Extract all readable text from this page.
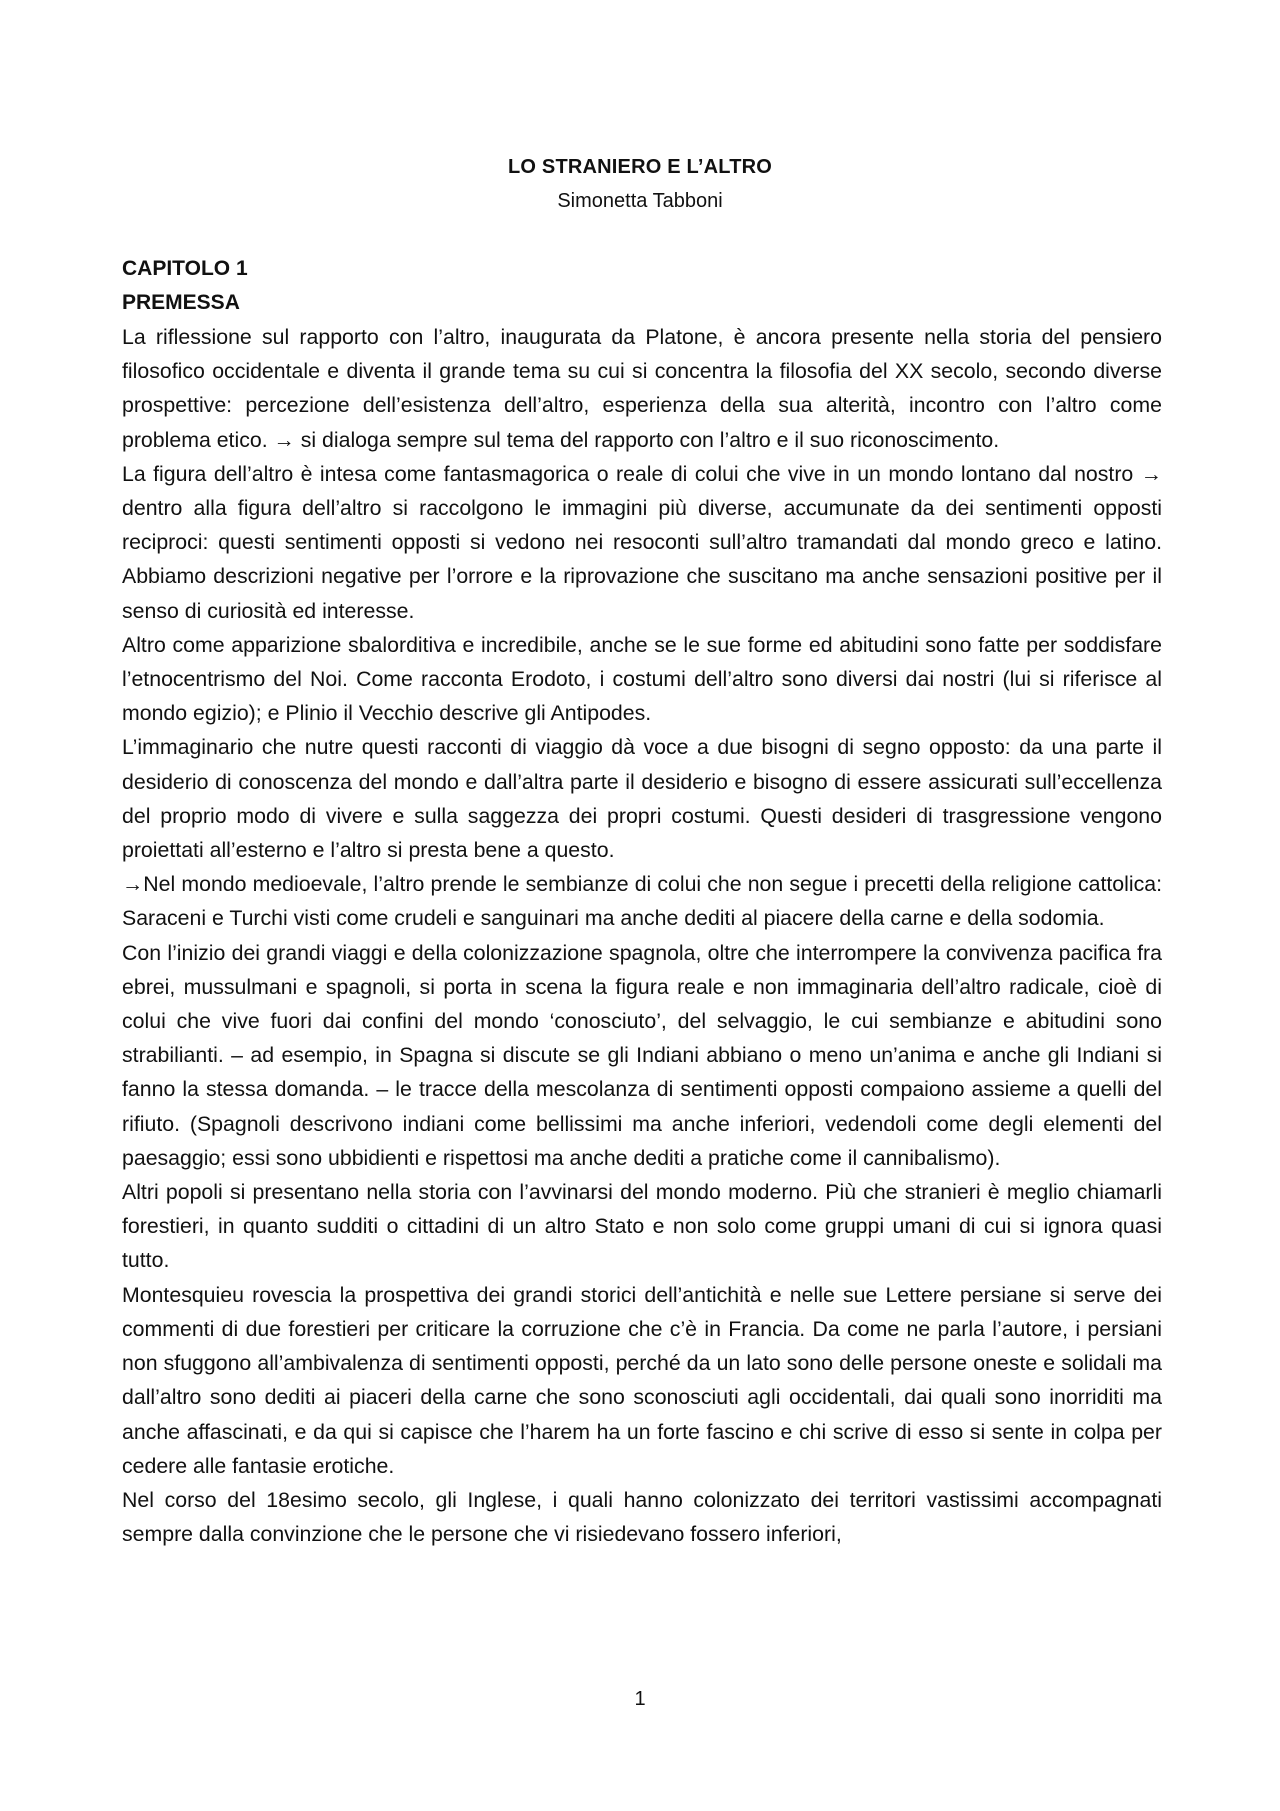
LO STRANIERO E L’ALTRO
Simonetta Tabboni
CAPITOLO 1
PREMESSA

La riflessione sul rapporto con l’altro, inaugurata da Platone, è ancora presente nella storia del pensiero filosofico occidentale e diventa il grande tema su cui si concentra la filosofia del XX secolo, secondo diverse prospettive: percezione dell’esistenza dell’altro, esperienza della sua alterità, incontro con l’altro come problema etico. → si dialoga sempre sul tema del rapporto con l’altro e il suo riconoscimento.

La figura dell’altro è intesa come fantasmagorica o reale di colui che vive in un mondo lontano dal nostro → dentro alla figura dell’altro si raccolgono le immagini più diverse, accumunate da dei sentimenti opposti reciproci: questi sentimenti opposti si vedono nei resoconti sull’altro tramandati dal mondo greco e latino. Abbiamo descrizioni negative per l’orrore e la riprovazione che suscitano ma anche sensazioni positive per il senso di curiosità ed interesse.

Altro come apparizione sbalorditiva e incredibile, anche se le sue forme ed abitudini sono fatte per soddisfare l’etnocentrismo del Noi. Come racconta Erodoto, i costumi dell’altro sono diversi dai nostri (lui si riferisce al mondo egizio); e Plinio il Vecchio descrive gli Antipodes.

L’immaginario che nutre questi racconti di viaggio dà voce a due bisogni di segno opposto: da una parte il desiderio di conoscenza del mondo e dall’altra parte il desiderio e bisogno di essere assicurati sull’eccellenza del proprio modo di vivere e sulla saggezza dei propri costumi. Questi desideri di trasgressione vengono proiettati all’esterno e l’altro si presta bene a questo.

→Nel mondo medioevale, l’altro prende le sembianze di colui che non segue i precetti della religione cattolica: Saraceni e Turchi visti come crudeli e sanguinari ma anche dediti al piacere della carne e della sodomia.

Con l’inizio dei grandi viaggi e della colonizzazione spagnola, oltre che interrompere la convivenza pacifica fra ebrei, mussulmani e spagnoli, si porta in scena la figura reale e non immaginaria dell’altro radicale, cioè di colui che vive fuori dai confini del mondo ‘conosciuto’, del selvaggio, le cui sembianze e abitudini sono strabilianti. – ad esempio, in Spagna si discute se gli Indiani abbiano o meno un’anima e anche gli Indiani si fanno la stessa domanda. – le tracce della mescolanza di sentimenti opposti compaiono assieme a quelli del rifiuto. (Spagnoli descrivono indiani come bellissimi ma anche inferiori, vedendoli come degli elementi del paesaggio; essi sono ubbidienti e rispettosi ma anche dediti a pratiche come il cannibalismo).

Altri popoli si presentano nella storia con l’avvinarsi del mondo moderno. Più che stranieri è meglio chiamarli forestieri, in quanto sudditi o cittadini di un altro Stato e non solo come gruppi umani di cui si ignora quasi tutto.

Montesquieu rovescia la prospettiva dei grandi storici dell’antichità e nelle sue Lettere persiane si serve dei commenti di due forestieri per criticare la corruzione che c’è in Francia. Da come ne parla l’autore, i persiani non sfuggono all’ambivalenza di sentimenti opposti, perché da un lato sono delle persone oneste e solidali ma dall’altro sono dediti ai piaceri della carne che sono sconosciuti agli occidentali, dai quali sono inorriditi ma anche affascinati, e da qui si capisce che l’harem ha un forte fascino e chi scrive di esso si sente in colpa per cedere alle fantasie erotiche.

Nel corso del 18esimo secolo, gli Inglese, i quali hanno colonizzato dei territori vastissimi accompagnati sempre dalla convinzione che le persone che vi risiedevano fossero inferiori,

1
